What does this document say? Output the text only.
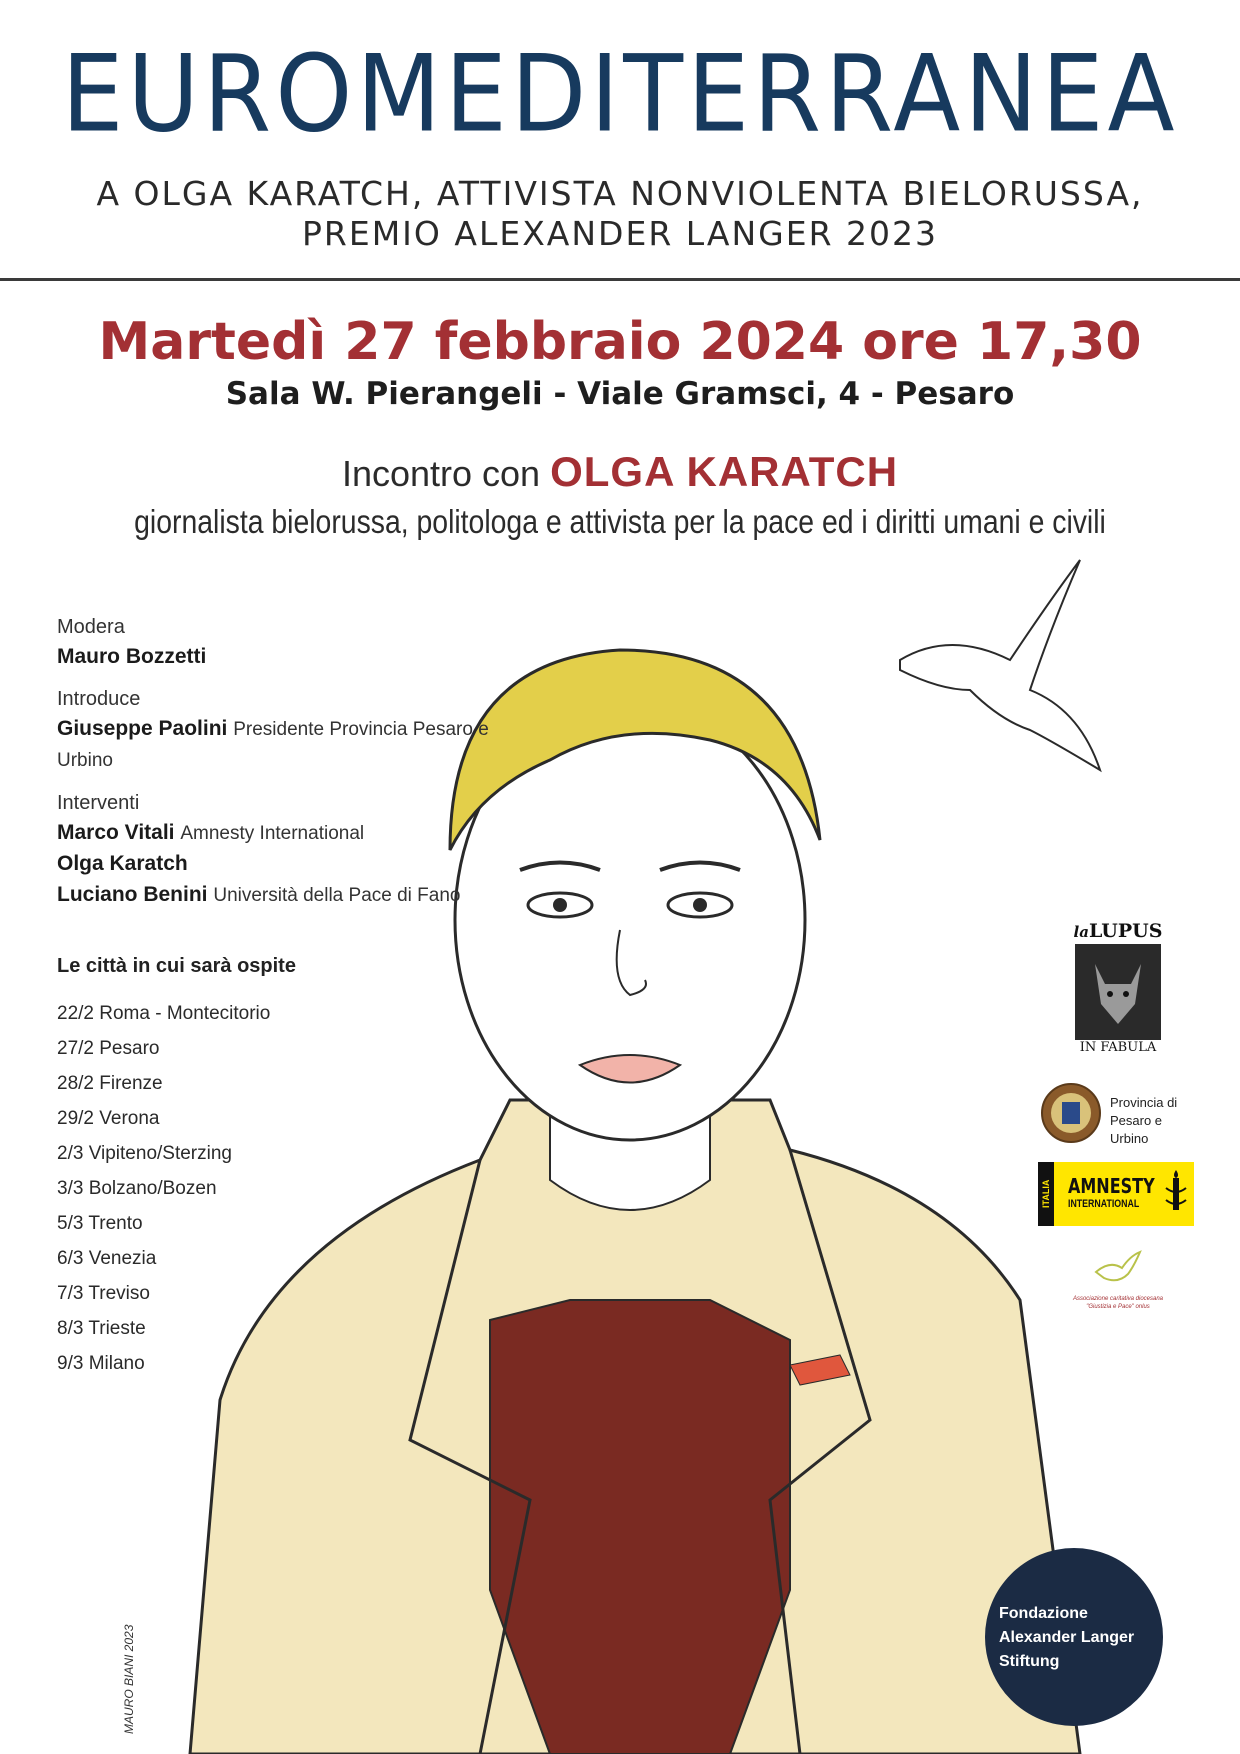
EUROMEDITERRANEA
A OLGA KARATCH, ATTIVISTA NONVIOLENTA BIELORUSSA,
PREMIO ALEXANDER LANGER 2023
Martedì 27 febbraio 2024 ore 17,30
Sala W. Pierangeli - Viale Gramsci, 4 - Pesaro
Incontro con OLGA KARATCH
giornalista bielorussa, politologa e attivista per la pace ed i diritti umani e civili
Modera
Mauro Bozzetti
Introduce
Giuseppe Paolini Presidente Provincia Pesaro e Urbino
Interventi
Marco Vitali Amnesty International
Olga Karatch
Luciano Benini Università della Pace di Fano
Le città in cui sarà ospite
22/2 Roma - Montecitorio
27/2 Pesaro
28/2 Firenze
29/2 Verona
2/3 Vipiteno/Sterzing
3/3 Bolzano/Bozen
5/3 Trento
6/3 Venezia
7/3 Treviso
8/3 Trieste
9/3 Milano
laLUPUS
IN FABULA
Provincia di
Pesaro e Urbino
ITALIA AMNESTY
INTERNATIONAL
Associazione caritativa diocesana
"Giustizia e Pace" onlus
Fondazione
Alexander Langer
Stiftung
MAURO BIANI 2023
